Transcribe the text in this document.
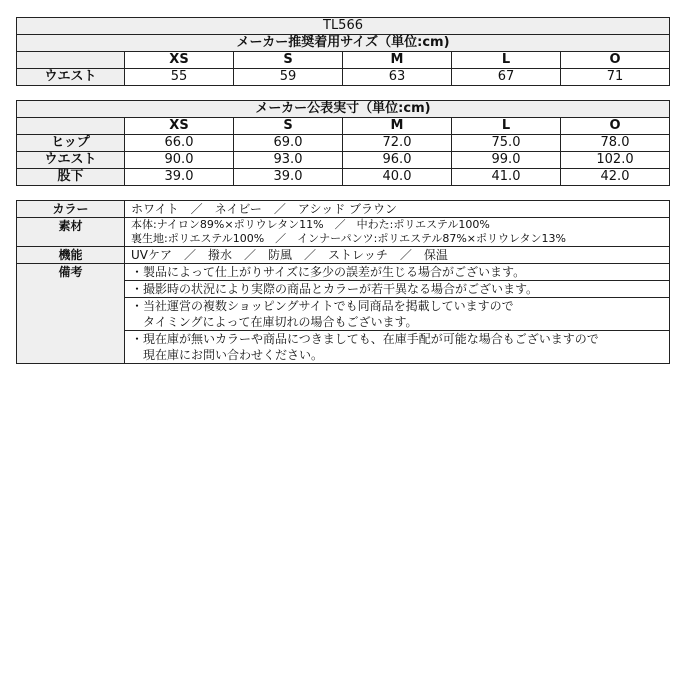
TL566					
メーカー推奨着用サイズ（単位:cm)					
	XS	S	M	L	O
ウエスト	55	59	63	67	71
メーカー公表実寸（単位:cm)					
	XS	S	M	L	O
ヒップ	66.0	69.0	72.0	75.0	78.0
ウエスト	90.0	93.0	96.0	99.0	102.0
股下	39.0	39.0	40.0	41.0	42.0
カラー	ホワイト　／　ネイビー　／　アシッド ブラウン
素材	本体:ナイロン89%×ポリウレタン11%　／　中わた:ポリエステル100%
	裏生地:ポリエステル100%　／　インナーパンツ:ポリエステル87%×ポリウレタン13%
機能	UVケア　／　撥水　／　防風　／　ストレッチ　／　保温
備考	・製品によって仕上がりサイズに多少の誤差が生じる場合がございます。
	・撮影時の状況により実際の商品とカラーが若干異なる場合がございます。

	・当社運営の複数ショッピングサイトでも同商品を掲載していますので
　タイミングによって在庫切れの場合もございます。

	・現在庫が無いカラーや商品につきましても、在庫手配が可能な場合もございますので
　現在庫にお問い合わせください。
